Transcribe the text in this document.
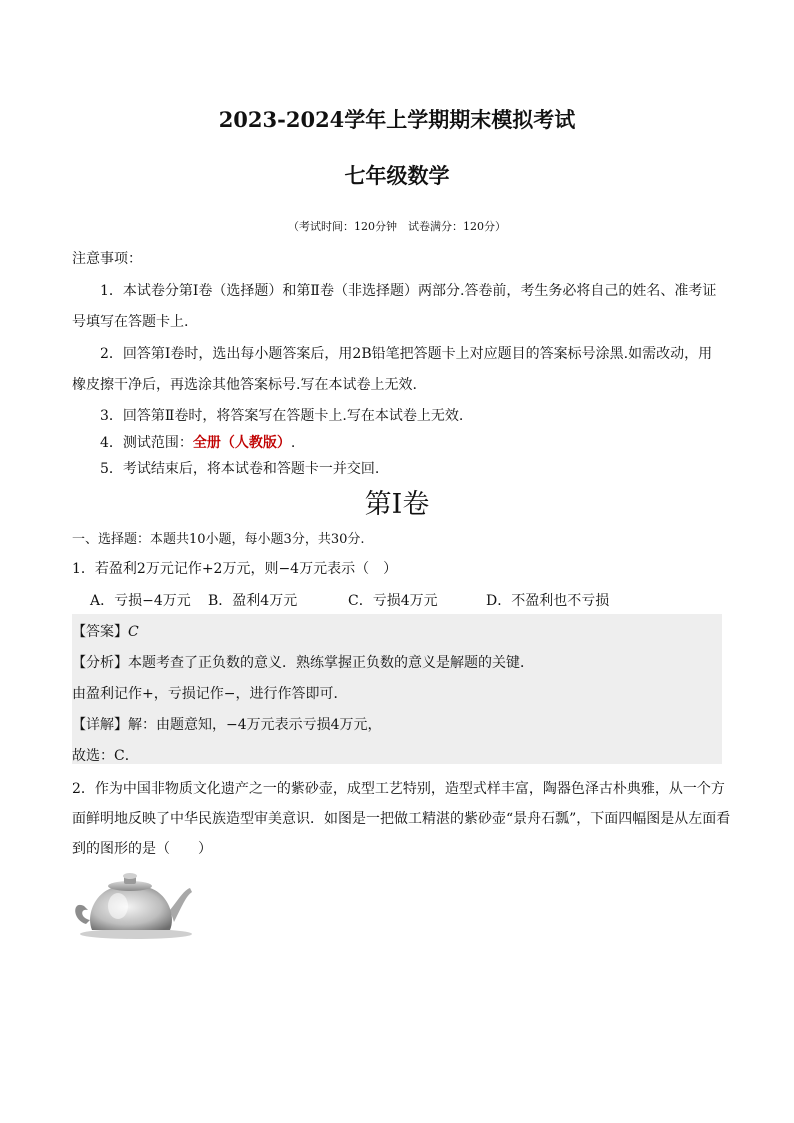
2023-2024学年上学期期末模拟考试
七年级数学
（考试时间：120分钟　试卷满分：120分）
注意事项：
1．本试卷分第Ⅰ卷（选择题）和第Ⅱ卷（非选择题）两部分.答卷前，考生务必将自己的姓名、准考证
号填写在答题卡上.
2．回答第Ⅰ卷时，选出每小题答案后，用2B铅笔把答题卡上对应题目的答案标号涂黑.如需改动，用
橡皮擦干净后，再选涂其他答案标号.写在本试卷上无效.
3．回答第Ⅱ卷时，将答案写在答题卡上.写在本试卷上无效.
4．测试范围：全册（人教版）.
5．考试结束后，将本试卷和答题卡一并交回.
第Ⅰ卷
一、选择题：本题共10小题，每小题3分，共30分.
1．若盈利2万元记作+2万元，则−4万元表示（　）
A．亏损−4万元 B．盈利4万元	C．亏损4万元	D．不盈利也不亏损
【答案】C
【分析】本题考查了正负数的意义．熟练掌握正负数的意义是解题的关键．
由盈利记作+，亏损记作−，进行作答即可．
【详解】解：由题意知，−4万元表示亏损4万元，
故选：C．
2．作为中国非物质文化遗产之一的紫砂壶，成型工艺特别，造型式样丰富，陶器色泽古朴典雅，从一个方
面鲜明地反映了中华民族造型审美意识．如图是一把做工精湛的紫砂壶“景舟石瓢”，下面四幅图是从左面看
到的图形的是（　　）
